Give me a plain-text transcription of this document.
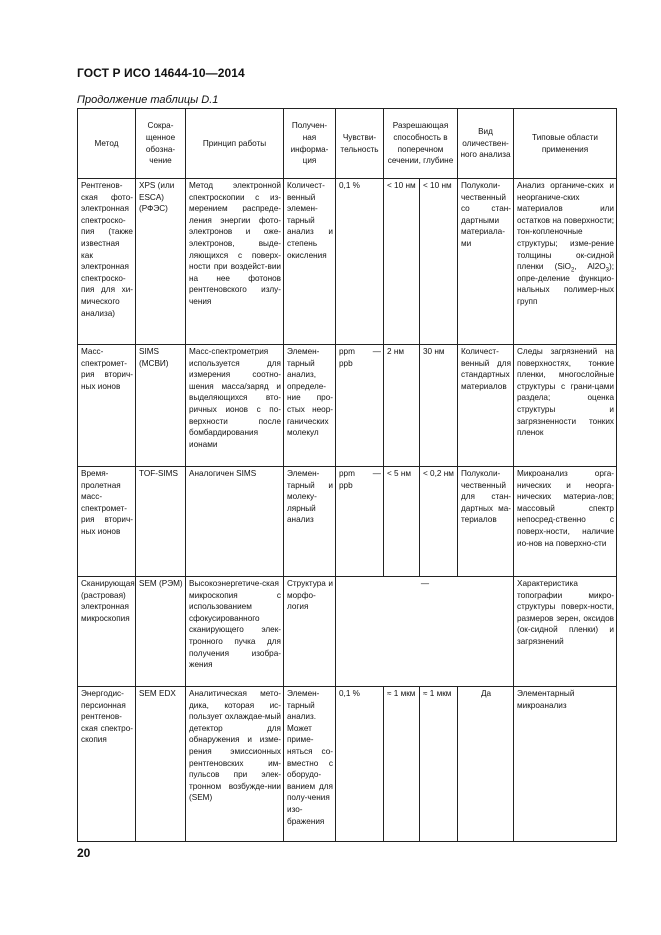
ГОСТ Р ИСО 14644-10—2014
Продолжение таблицы D.1
Метод	Сокра-щенное обозна-чение	Принцип работы	Получен-ная информа-ция	Чувстви-тельность	Разрешающая способность в поперечном сечении, глубине		Вид оличествен-ного анализа	Типовые области применения
Рентгенов-ская фото-электронная спектроско-пия (также известная как электронная спектроско-пия для хи-мического анализа)	XPS (или ESCA) (РФЭС)	Метод электронной спектроскопии с из-мерением распреде-ления энергии фото-электронов и оже-электронов, выде-ляющихся с поверх-ности при воздейст-вии на нее фотонов рентгеновского излу-чения	Количест-венный элемен-тарный анализ и степень окисления	0,1 %	< 10 нм	< 10 нм	Полуколи-чественный со стан-дартными материала-ми	Анализ органиче-ских и неорганиче-ских материалов или остатков на поверхности; тон-копленочные структуры; изме-рение толщины ок-сидной пленки (SiO$_2$, $Al2O_3$); опре-деление функцио-нальных полимер-ных групп
Масс-спектромет-рия вторич-ных ионов	SIMS (МСВИ)	Масс-спектрометрия используется для измерения соотно-шения масса/заряд и выделяющихся вто-ричных ионов с по-верхности после бомбардирования ионами	Элемен-тарный анализ, определе-ние про-стых неор-ганических молекул	ppm — ppb	2 нм	30 нм	Количест-венный для стандартных материалов	Следы загрязнений на поверхностях, тонкие пленки, многослойные структуры с грани-цами раздела; оценка структуры и загрязненности тонких пленок
Время-пролетная масс-спектромет-рия вторич-ных ионов	TOF-SIMS	Аналогичен SIMS	Элемен-тарный и молеку-лярный анализ	ppm — ppb	< 5 нм	< 0,2 нм	Полуколи-чественный для стан-дартных ма-териалов	Микроанализ орга-нических и неорга-нических материа-лов; массовый спектр непосред-ственно с поверх-ности, наличие ио-нов на поверхно-сти
Сканирующая (растровая) электронная микроскопия	SEM (РЭМ)	Высокоэнергетиче-ская микроскопия с использованием сфокусированного сканирующего элек-тронного пучка для получения изобра-жения	Структура и морфо-логия	—				Характеристика топографии микро-структуры поверх-ности, размеров зерен, оксидов (ок-сидной пленки) и загрязнений
Энергодис-персионная рентгенов-ская спектро-скопия	SEM EDX	Аналитическая мето-дика, которая ис-пользует охлаждае-мый детектор для обнаружения и изме-рения эмиссионных рентгеновских им-пульсов при элек-тронном возбужде-нии (SEM)	Элемен-тарный анализ. Может приме-няться со-вместно с оборудо-ванием для полу-чения изо-бражения	0,1 %	≈ 1 мкм	≈ 1 мкм	Да	Элементарный микроанализ
20
